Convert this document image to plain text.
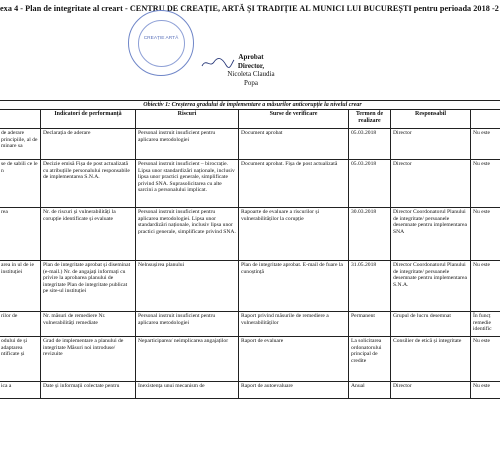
exa 4 - Plan de integritate al creart - CENTRU DE CREAȚIE, ARTĂ ȘI TRADIȚIE AL MUNICI LUI BUCUREȘTI pentru perioada 2018 -2
CREAȚIE ARTĂ
Aprobat
Director,
Nicoleta Claudia Popa
Obiectiv 1: Creșterea gradului de implementare a măsurilor anticorupție la nivelul crear						
	Indicatori de performanță	Riscuri	Surse de verificare	Termen de realizare	Responsabil	
de aderare principiile, al de minare sa	Declarația de aderare	Personal instruit insuficient pentru aplicarea metodologiei	Document aprobat	05.03.2018	Director	Nu este
se de sabili ce le n	Decizie emisă Fișa de post actualizată cu atribuțiile personalului responsabile de implementarea S.N.A.	Personal instruit insuficient – birocrație. Lipsa unor standardizări naționale, inclusiv lipsa unor practici generale, simplificate privind SNA. Suprasolicitarea cu alte sarcini a personalului implicat.	Document aprobat. Fișa de post actualizată	05.03.2018	Director	Nu este
rea	Nr. de riscuri și vulnerabilități la corupție identificate și evaluate	Personal instruit insuficient pentru aplicarea metodologiei. Lipsa unor standardizări naționale, inclusiv lipsa unor practici generale, simplificate privind SNA.	Rapoarte de evaluare a riscurilor și vulnerabilităților la corupție	30.03.2018	Director Coordonatorul Planului de integritate/ persoanele desemnate pentru implementarea SNA	Nu este
area in ul de ie instituției	Plan de integritate aprobat și diseminat (e-mail.) Nr. de angajați informați cu privire la aprobarea planului de integritate Plan de integritate publicat pe site-ul instituției	Nelnsușirea planului	Plan de integritate aprobat. E-mail de fuare la cunoștință	31.05.2018	Director Coordonatorul Planului de integritate/ persoanele desemnate pentru implementarea S.N.A.	Nu este
rilor de	Nr. măsuri de remediere Nr. vulnerabilități remediate	Personal instruit insuficient pentru aplicarea metodologiei	Raport privind măsurile de remediere a vulnerabilităților	Permanent	Grupul de lucru desemnat	În funcț remedie identific
odului de și adaptarea ntificate și	Grad de implementare a planului de integritate Măsuri noi introduse/ revizuite	Neparticiparea/ neimplicarea angajaților	Raport de evaluare	La solicitarea ordonatorului principal de credite	Consilier de etică și integritate	Nu este
ica a	Date și informații colectate pentru	Inexistența unui mecanism de	Raport de autoevaluare	Anual	Director	Nu este
